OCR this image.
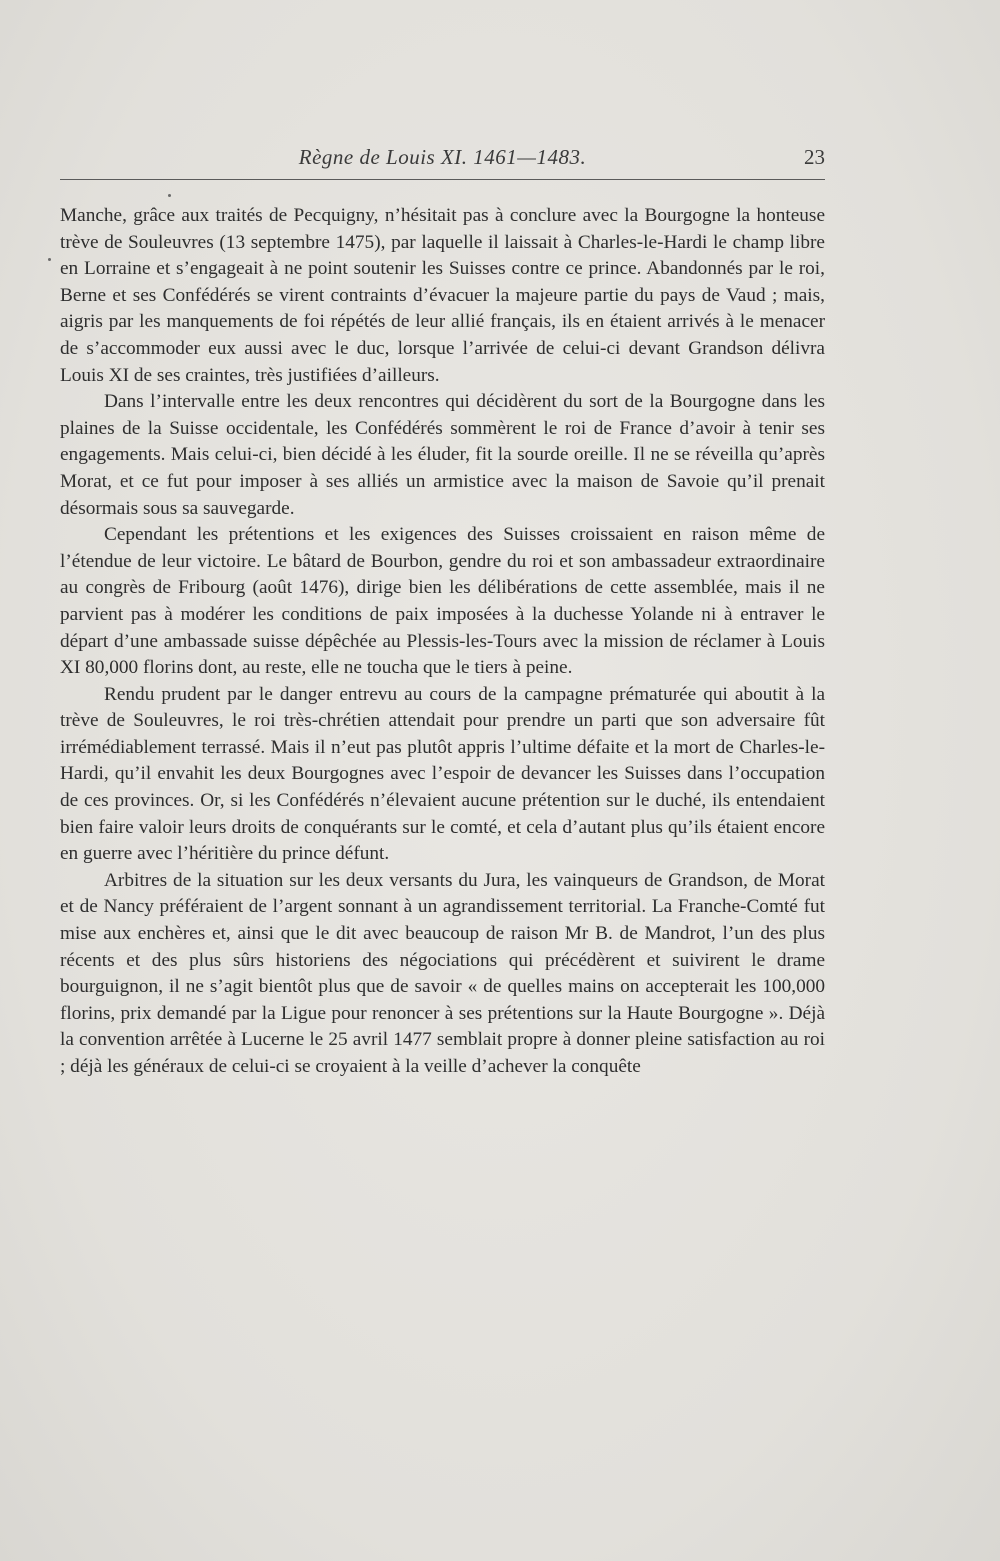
Règne de Louis XI. 1461—1483.	23

Manche, grâce aux traités de Pecquigny, n’hésitait pas à conclure avec la Bourgogne la honteuse trève de Souleuvres (13 septembre 1475), par laquelle il laissait à Charles-le-Hardi le champ libre en Lorraine et s’engageait à ne point soutenir les Suisses contre ce prince. Abandonnés par le roi, Berne et ses Confédérés se virent contraints d’évacuer la majeure partie du pays de Vaud ; mais, aigris par les manquements de foi répétés de leur allié français, ils en étaient arrivés à le menacer de s’accommoder eux aussi avec le duc, lorsque l’arrivée de celui-ci devant Grandson délivra Louis XI de ses craintes, très justifiées d’ailleurs.

Dans l’intervalle entre les deux rencontres qui décidèrent du sort de la Bourgogne dans les plaines de la Suisse occidentale, les Confédérés sommèrent le roi de France d’avoir à tenir ses engagements. Mais celui-ci, bien décidé à les éluder, fit la sourde oreille. Il ne se réveilla qu’après Morat, et ce fut pour imposer à ses alliés un armistice avec la maison de Savoie qu’il prenait désormais sous sa sauvegarde.

Cependant les prétentions et les exigences des Suisses croissaient en raison même de l’étendue de leur victoire. Le bâtard de Bourbon, gendre du roi et son ambassadeur extraordinaire au congrès de Fribourg (août 1476), dirige bien les délibérations de cette assemblée, mais il ne parvient pas à modérer les conditions de paix imposées à la duchesse Yolande ni à entraver le départ d’une ambassade suisse dépêchée au Plessis-les-Tours avec la mission de réclamer à Louis XI 80,000 florins dont, au reste, elle ne toucha que le tiers à peine.

Rendu prudent par le danger entrevu au cours de la campagne prématurée qui aboutit à la trève de Souleuvres, le roi très-chrétien attendait pour prendre un parti que son adversaire fût irrémédiablement terrassé. Mais il n’eut pas plutôt appris l’ultime défaite et la mort de Charles-le-Hardi, qu’il envahit les deux Bourgognes avec l’espoir de devancer les Suisses dans l’occupation de ces provinces. Or, si les Confédérés n’élevaient aucune prétention sur le duché, ils entendaient bien faire valoir leurs droits de conquérants sur le comté, et cela d’autant plus qu’ils étaient encore en guerre avec l’héritière du prince défunt.

Arbitres de la situation sur les deux versants du Jura, les vainqueurs de Grandson, de Morat et de Nancy préféraient de l’argent sonnant à un agrandissement territorial. La Franche-Comté fut mise aux enchères et, ainsi que le dit avec beaucoup de raison Mr B. de Mandrot, l’un des plus récents et des plus sûrs historiens des négociations qui précédèrent et suivirent le drame bourguignon, il ne s’agit bientôt plus que de savoir « de quelles mains on accepterait les 100,000 florins, prix demandé par la Ligue pour renoncer à ses prétentions sur la Haute Bourgogne ». Déjà la convention arrêtée à Lucerne le 25 avril 1477 semblait propre à donner pleine satisfaction au roi ; déjà les généraux de celui-ci se croyaient à la veille d’achever la conquête
